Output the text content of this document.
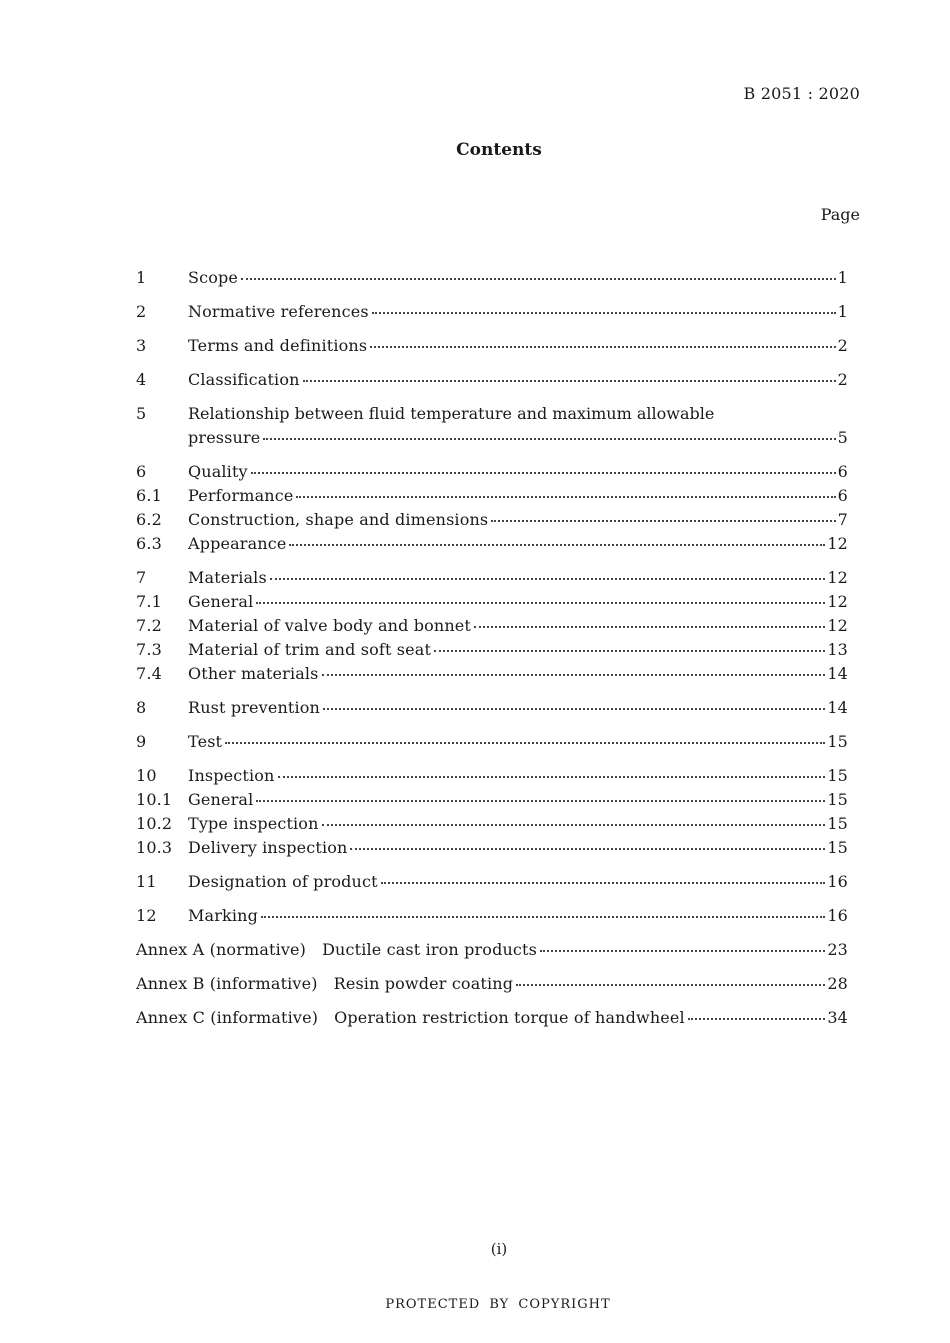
B 2051 : 2020
Contents
Page
1	Scope	1
2	Normative references	1
3	Terms and definitions	2
4	Classification	2
5	Relationship between fluid temperature and maximum allowable
pressure	5
6	Quality	6
6.1	Performance	6
6.2	Construction, shape and dimensions	7
6.3	Appearance	12
7	Materials	12
7.1	General	12
7.2	Material of valve body and bonnet	12
7.3	Material of trim and soft seat	13
7.4	Other materials	14
8	Rust prevention	14
9	Test	15
10	Inspection	15
10.1 General	15
10.2 Type inspection	15
10.3 Delivery inspection	15
11	Designation of product	16
12	Marking	16
Annex A (normative) Ductile cast iron products	23
Annex B (informative) Resin powder coating	28
Annex C (informative) Operation restriction torque of handwheel	34
(i)
PROTECTED BY COPYRIGHT
